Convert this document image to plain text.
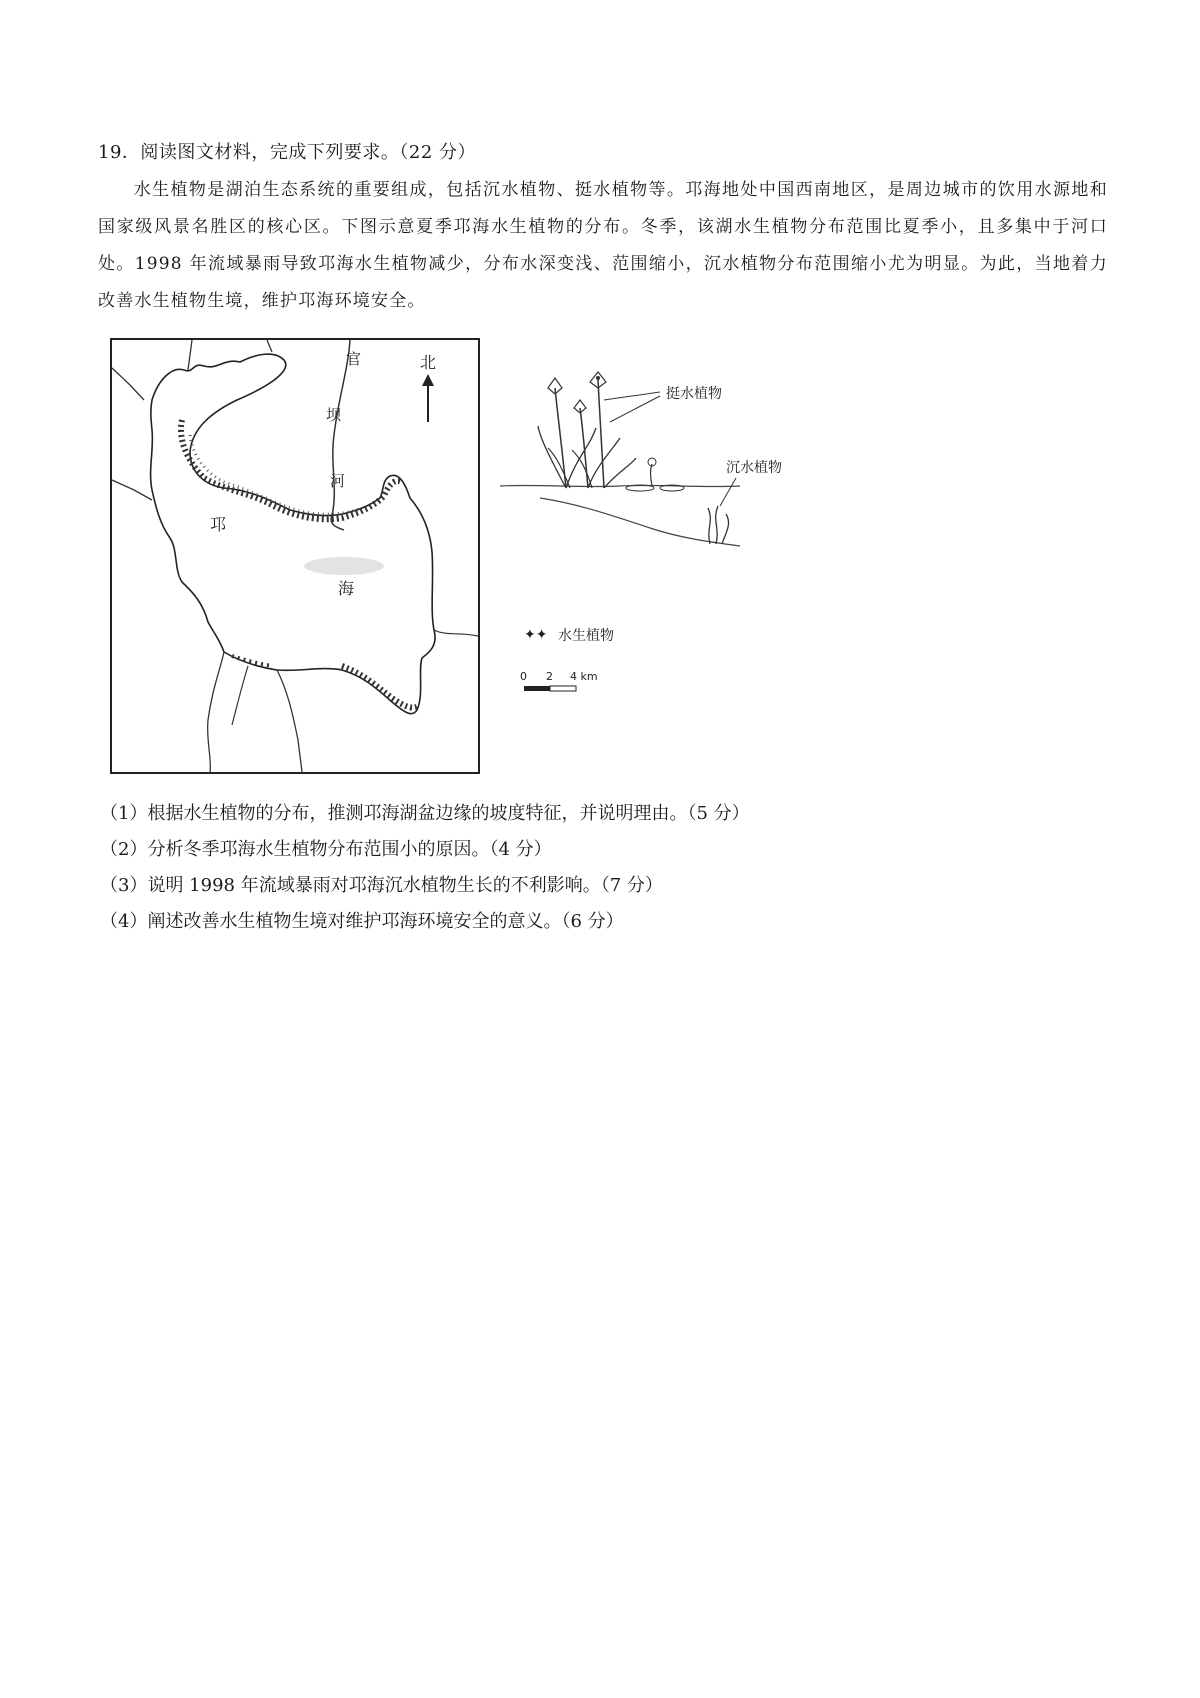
19．阅读图文材料，完成下列要求。（22 分）
水生植物是湖泊生态系统的重要组成，包括沉水植物、挺水植物等。邛海地处中国西南地区，是周边城市的饮用水源地和国家级风景名胜区的核心区。下图示意夏季邛海水生植物的分布。冬季，该湖水生植物分布范围比夏季小，且多集中于河口处。1998 年流域暴雨导致邛海水生植物减少，分布水深变浅、范围缩小，沉水植物分布范围缩小尤为明显。为此，当地着力改善水生植物生境，维护邛海环境安全。
北
官
坝
河
邛
海
挺水植物
沉水植物
✦✦ 水生植物
0 2 4 km
（1）根据水生植物的分布，推测邛海湖盆边缘的坡度特征，并说明理由。（5 分）
（2）分析冬季邛海水生植物分布范围小的原因。（4 分）
（3）说明 1998 年流域暴雨对邛海沉水植物生长的不利影响。（7 分）
（4）阐述改善水生植物生境对维护邛海环境安全的意义。（6 分）
